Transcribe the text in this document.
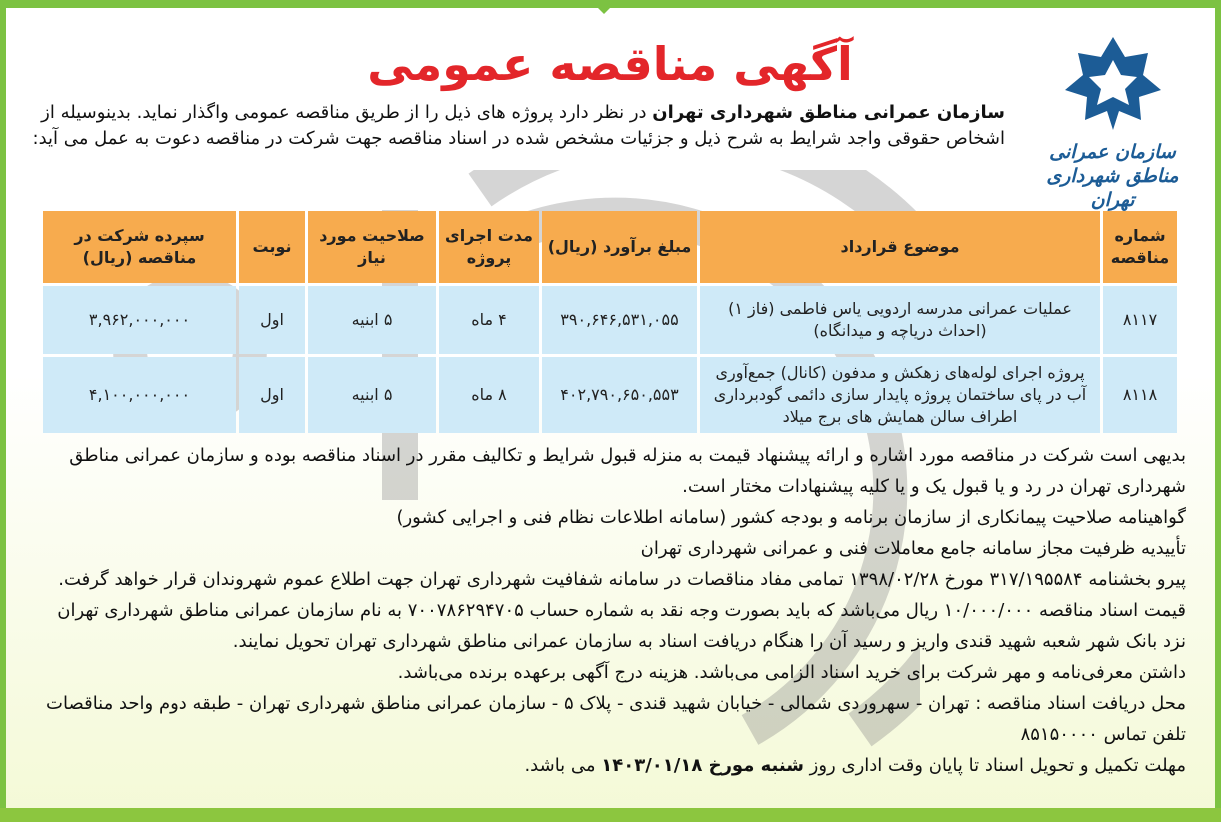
آگهی مناقصه عمومی
سازمان عمرانی مناطق شهرداری تهران
سازمان عمرانی مناطق شهرداری تهران در نظر دارد پروژه های ذیل را از طریق مناقصه عمومی واگذار نماید. بدینوسیله از اشخاص حقوقی واجد شرایط به شرح ذیل و جزئیات مشخص شده در اسناد مناقصه جهت شرکت در مناقصه دعوت به عمل می آید:
شماره مناقصه	موضوع قرارداد	مبلغ برآورد (ریال)	مدت اجرای پروژه	صلاحیت مورد نیاز	نوبت	سپرده شرکت در مناقصه (ریال)
۸۱۱۷	عملیات عمرانی مدرسه اردویی یاس فاطمی (فاز ۱) (احداث دریاچه و میدانگاه)	۳۹۰,۶۴۶,۵۳۱,۰۵۵	۴ ماه	۵ ابنیه	اول	۳,۹۶۲,۰۰۰,۰۰۰
۸۱۱۸	پروژه اجرای لوله‌های زهکش و مدفون (کانال) جمع‌آوری آب در پای ساختمان پروژه پایدار سازی دائمی گودبرداری اطراف سالن همایش های برج میلاد	۴۰۲,۷۹۰,۶۵۰,۵۵۳	۸ ماه	۵ ابنیه	اول	۴,۱۰۰,۰۰۰,۰۰۰
بدیهی است شرکت در مناقصه مورد اشاره و ارائه پیشنهاد قیمت به منزله قبول شرایط و تکالیف مقرر در اسناد مناقصه بوده و سازمان عمرانی مناطق شهرداری تهران در رد و یا قبول یک و یا کلیه پیشنهادات مختار است.
گواهینامه صلاحیت پیمانکاری از سازمان برنامه و بودجه کشور (سامانه اطلاعات نظام فنی و اجرایی کشور)
تأییدیه ظرفیت مجاز سامانه جامع معاملات فنی و عمرانی شهرداری تهران
پیرو بخشنامه ۳۱۷/۱۹۵۵۸۴ مورخ ۱۳۹۸/۰۲/۲۸ تمامی مفاد مناقصات در سامانه شفافیت شهرداری تهران جهت اطلاع عموم شهروندان قرار خواهد گرفت.
قیمت اسناد مناقصه ۱۰/۰۰۰/۰۰۰ ریال می‌باشد که باید بصورت وجه نقد به شماره حساب ۷۰۰۷۸۶۲۹۴۷۰۵ به نام سازمان عمرانی مناطق شهرداری تهران نزد بانک شهر شعبه شهید قندی واریز و رسید آن را هنگام دریافت اسناد به سازمان عمرانی مناطق شهرداری تهران تحویل نمایند.
داشتن معرفی‌نامه و مهر شرکت برای خرید اسناد الزامی می‌باشد. هزینه درج آگهی برعهده برنده می‌باشد.
محل دریافت اسناد مناقصه : تهران - سهروردی شمالی - خیابان شهید قندی - پلاک ۵ - سازمان عمرانی مناطق شهرداری تهران - طبقه دوم واحد مناقصات تلفن تماس ۸۵۱۵۰۰۰۰
مهلت تکمیل و تحویل اسناد تا پایان وقت اداری روز شنبه مورخ ۱۴۰۳/۰۱/۱۸ می باشد.
